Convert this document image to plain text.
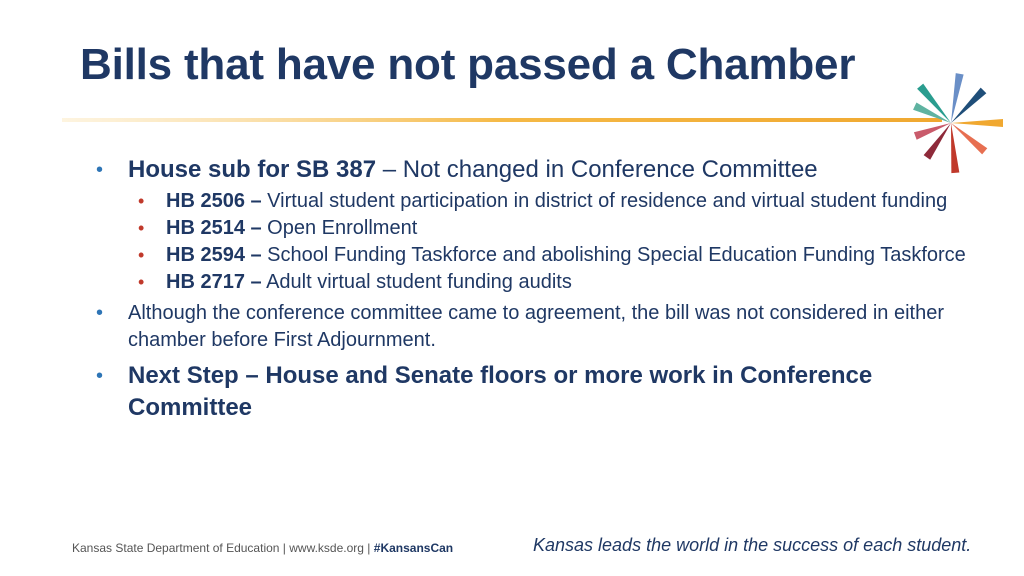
Bills that have not passed a Chamber
• House sub for SB 387 – Not changed in Conference Committee
• HB 2506 – Virtual student participation in district of residence and virtual student funding
• HB 2514 – Open Enrollment
• HB 2594 – School Funding Taskforce and abolishing Special Education Funding Taskforce
• HB 2717 – Adult virtual student funding audits
• Although the conference committee came to agreement, the bill was not considered in either chamber before First Adjournment.
• Next Step – House and Senate floors or more work in Conference Committee
Kansas State Department of Education | www.ksde.org | #KansansCan	Kansas leads the world in the success of each student.
